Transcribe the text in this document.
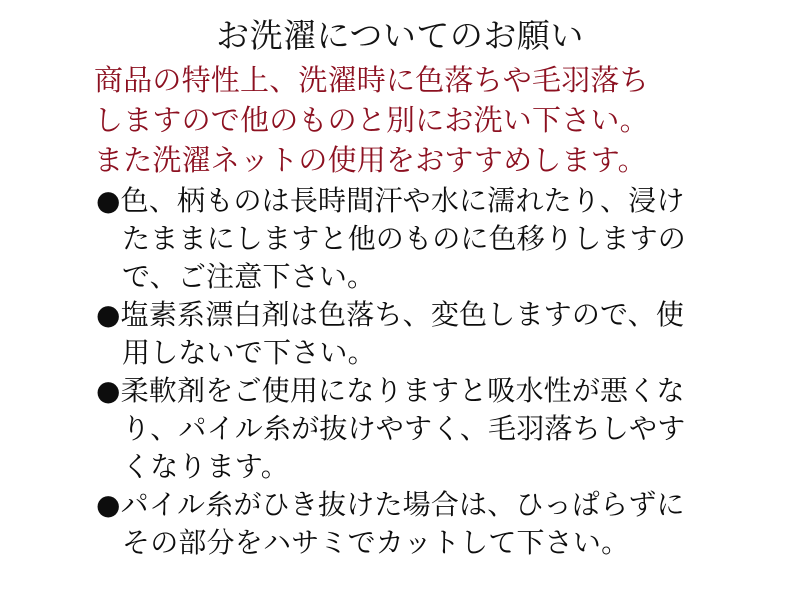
お洗濯についてのお願い
商品の特性上、洗濯時に色落ちや毛羽落ち
しますので他のものと別にお洗い下さい。
また洗濯ネットの使用をおすすめします。
●色、柄ものは長時間汗や水に濡れたり、浸け
たままにしますと他のものに色移りしますの
で、ご注意下さい。
●塩素系漂白剤は色落ち、変色しますので、使
用しないで下さい。
●柔軟剤をご使用になりますと吸水性が悪くな
り、パイル糸が抜けやすく、毛羽落ちしやす
くなります。
●パイル糸がひき抜けた場合は、ひっぱらずに
その部分をハサミでカットして下さい。
